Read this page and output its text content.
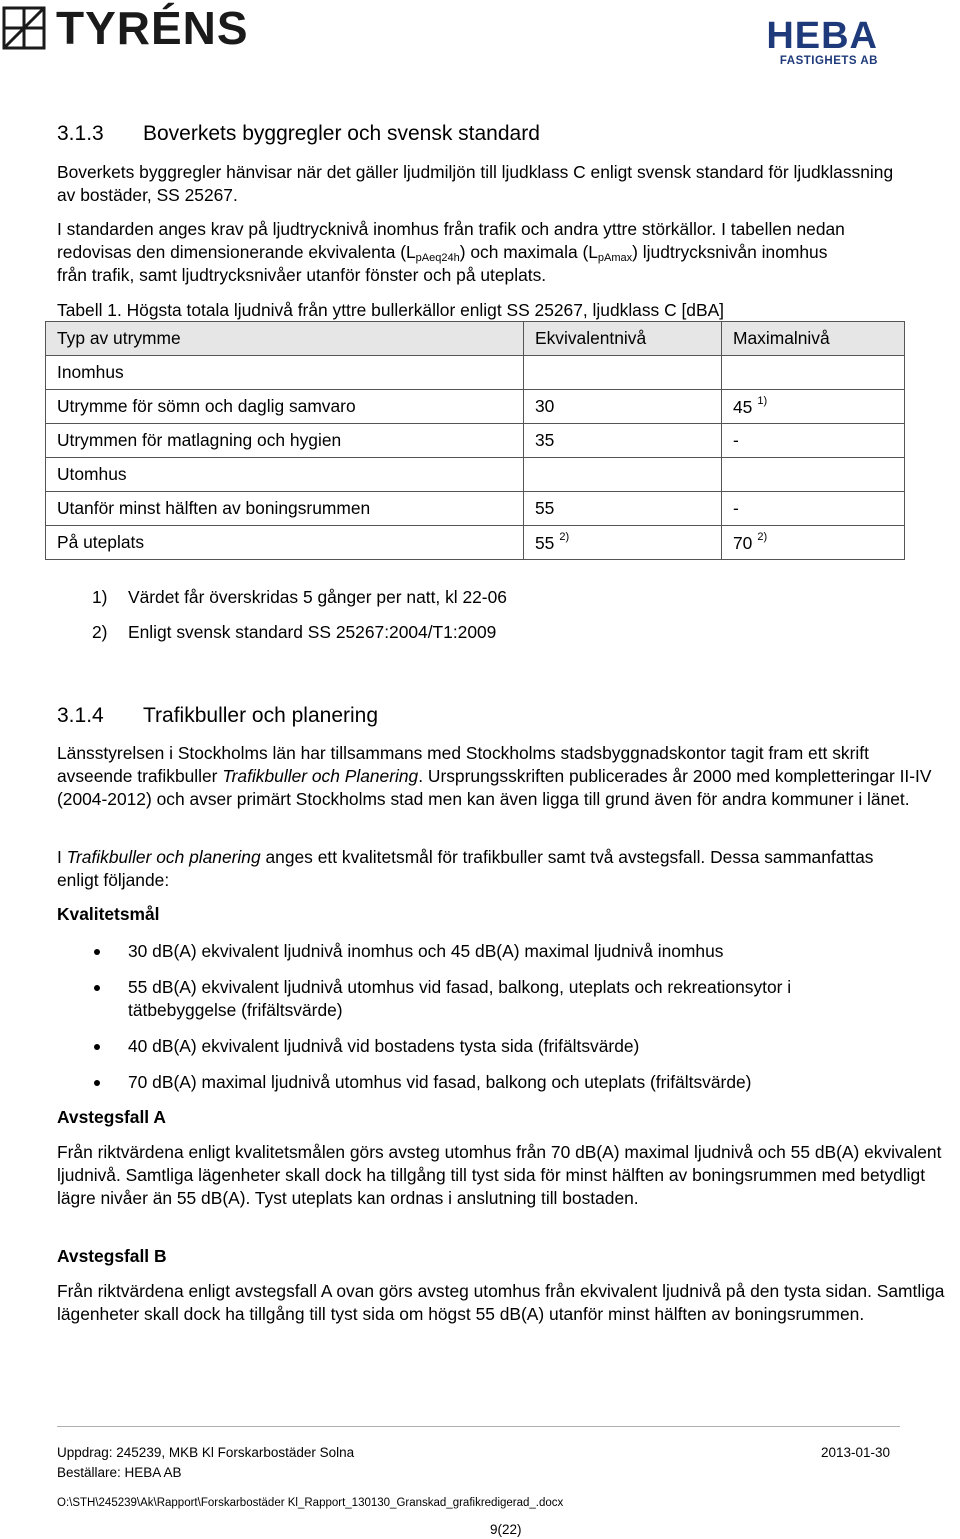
TYRÉNS	HEBA
FASTIGHETS AB
3.1.3 Boverkets byggregler och svensk standard
Boverkets byggregler hänvisar när det gäller ljudmiljön till ljudklass C enligt svensk standard för ljudklassning av bostäder, SS 25267.
I standarden anges krav på ljudtrycknivå inomhus från trafik och andra yttre störkällor. I tabellen nedan
redovisas den dimensionerande ekvivalenta $(L_{pAeq24h})$ och maximala $(L_{pAmax})$ ljudtrycksnivån inomhus
från trafik, samt ljudtrycksnivåer utanför fönster och på uteplats.
Tabell 1. Högsta totala ljudnivå från yttre bullerkällor enligt SS 25267, ljudklass C [dBA]
Typ av utrymme	Ekvivalentnivå	Maximalnivå
Inomhus		
Utrymme för sömn och daglig samvaro	30	45 $^{1)}$
Utrymmen för matlagning och hygien	35	-
Utomhus		
Utanför minst hälften av boningsrummen	55	-
På uteplats	55 $^{2)}$	70 $^{2)}$
1) Värdet får överskridas 5 gånger per natt, kl 22-06
2) Enligt svensk standard SS 25267:2004/T1:2009
3.1.4 Trafikbuller och planering
Länsstyrelsen i Stockholms län har tillsammans med Stockholms stadsbyggnadskontor tagit fram ett skrift avseende trafikbuller Trafikbuller och Planering. Ursprungsskriften publicerades år 2000 med kompletteringar II-IV (2004-2012) och avser primärt Stockholms stad men kan även ligga till grund även för andra kommuner i länet.
I Trafikbuller och planering anges ett kvalitetsmål för trafikbuller samt två avstegsfall. Dessa sammanfattas enligt följande:
Kvalitetsmål
30 dB(A) ekvivalent ljudnivå inomhus och 45 dB(A) maximal ljudnivå inomhus
55 dB(A) ekvivalent ljudnivå utomhus vid fasad, balkong, uteplats och rekreationsytor i tätbebyggelse (frifältsvärde)
40 dB(A) ekvivalent ljudnivå vid bostadens tysta sida (frifältsvärde)
70 dB(A) maximal ljudnivå utomhus vid fasad, balkong och uteplats (frifältsvärde)
Avstegsfall A
Från riktvärdena enligt kvalitetsmålen görs avsteg utomhus från 70 dB(A) maximal ljudnivå och 55 dB(A) ekvivalent ljudnivå. Samtliga lägenheter skall dock ha tillgång till tyst sida för minst hälften av boningsrummen med betydligt lägre nivåer än 55 dB(A). Tyst uteplats kan ordnas i anslutning till bostaden.
Avstegsfall B
Från riktvärdena enligt avstegsfall A ovan görs avsteg utomhus från ekvivalent ljudnivå på den tysta sidan. Samtliga lägenheter skall dock ha tillgång till tyst sida om högst 55 dB(A) utanför minst hälften av boningsrummen.
Uppdrag: 245239, MKB Kl Forskarbostäder Solna	2013-01-30
Beställare: HEBA AB
O:\STH\245239\Ak\Rapport\Forskarbostäder Kl_Rapport_130130_Granskad_grafikredigerad_.docx
9(22)
